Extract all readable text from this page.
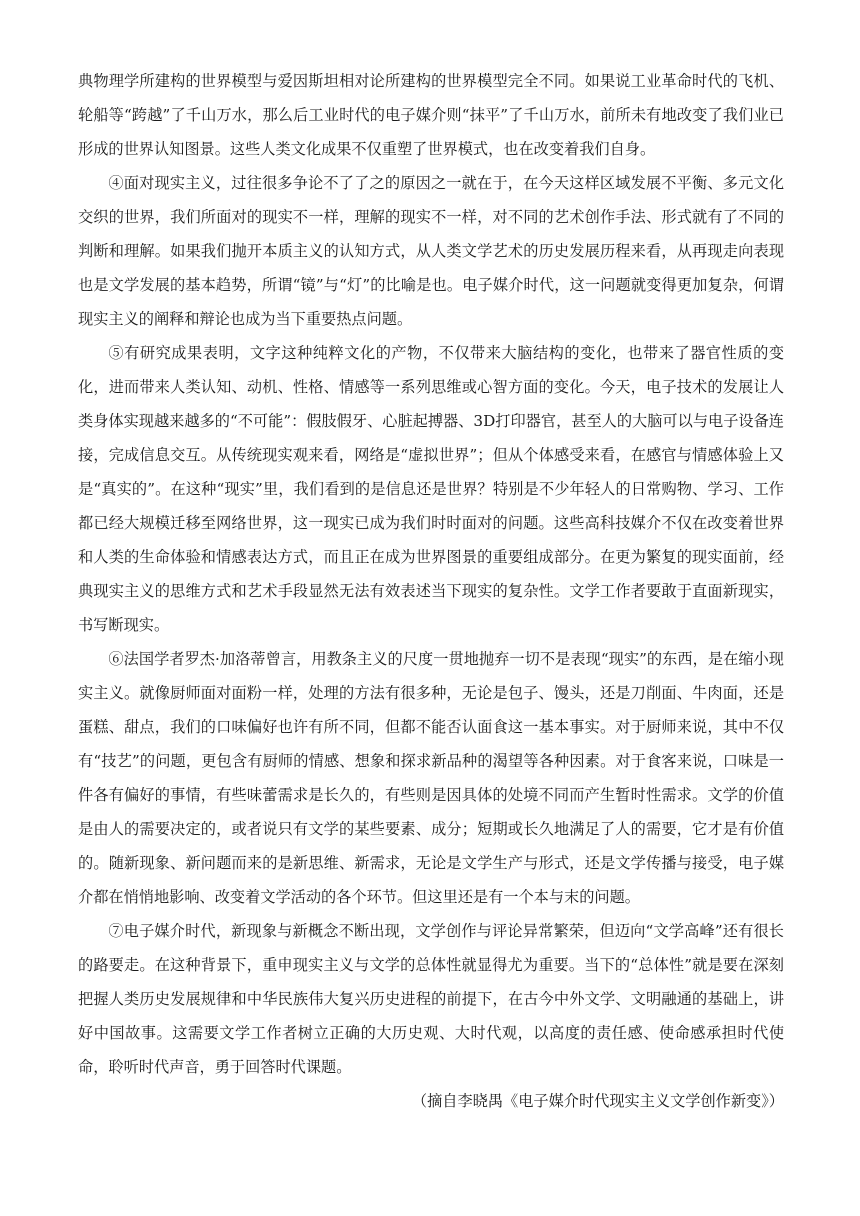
典物理学所建构的世界模型与爱因斯坦相对论所建构的世界模型完全不同。如果说工业革命时代的飞机、轮船等“跨越”了千山万水，那么后工业时代的电子媒介则“抹平”了千山万水，前所未有地改变了我们业已形成的世界认知图景。这些人类文化成果不仅重塑了世界模式，也在改变着我们自身。

④面对现实主义，过往很多争论不了了之的原因之一就在于，在今天这样区域发展不平衡、多元文化交织的世界，我们所面对的现实不一样，理解的现实不一样，对不同的艺术创作手法、形式就有了不同的判断和理解。如果我们抛开本质主义的认知方式，从人类文学艺术的历史发展历程来看，从再现走向表现也是文学发展的基本趋势，所谓“镜”与“灯”的比喻是也。电子媒介时代，这一问题就变得更加复杂，何谓现实主义的阐释和辩论也成为当下重要热点问题。

⑤有研究成果表明，文字这种纯粹文化的产物，不仅带来大脑结构的变化，也带来了器官性质的变化，进而带来人类认知、动机、性格、情感等一系列思维或心智方面的变化。今天，电子技术的发展让人类身体实现越来越多的“不可能”：假肢假牙、心脏起搏器、3D打印器官，甚至人的大脑可以与电子设备连接，完成信息交互。从传统现实观来看，网络是“虚拟世界”；但从个体感受来看，在感官与情感体验上又是“真实的”。在这种“现实”里，我们看到的是信息还是世界？特别是不少年轻人的日常购物、学习、工作都已经大规模迁移至网络世界，这一现实已成为我们时时面对的问题。这些高科技媒介不仅在改变着世界和人类的生命体验和情感表达方式，而且正在成为世界图景的重要组成部分。在更为繁复的现实面前，经典现实主义的思维方式和艺术手段显然无法有效表述当下现实的复杂性。文学工作者要敢于直面新现实，书写断现实。

⑥法国学者罗杰·加洛蒂曾言，用教条主义的尺度一贯地抛弃一切不是表现“现实”的东西，是在缩小现实主义。就像厨师面对面粉一样，处理的方法有很多种，无论是包子、馒头，还是刀削面、牛肉面，还是蛋糕、甜点，我们的口味偏好也许有所不同，但都不能否认面食这一基本事实。对于厨师来说，其中不仅有“技艺”的问题，更包含有厨师的情感、想象和探求新品种的渴望等各种因素。对于食客来说，口味是一件各有偏好的事情，有些味蕾需求是长久的，有些则是因具体的处境不同而产生暂时性需求。文学的价值是由人的需要决定的，或者说只有文学的某些要素、成分；短期或长久地满足了人的需要，它才是有价值的。随新现象、新问题而来的是新思维、新需求，无论是文学生产与形式，还是文学传播与接受，电子媒介都在悄悄地影响、改变着文学活动的各个环节。但这里还是有一个本与末的问题。

⑦电子媒介时代，新现象与新概念不断出现，文学创作与评论异常繁荣，但迈向“文学高峰”还有很长的路要走。在这种背景下，重申现实主义与文学的总体性就显得尤为重要。当下的“总体性”就是要在深刻把握人类历史发展规律和中华民族伟大复兴历史进程的前提下，在古今中外文学、文明融通的基础上，讲好中国故事。这需要文学工作者树立正确的大历史观、大时代观，以高度的责任感、使命感承担时代使命，聆听时代声音，勇于回答时代课题。

（摘自李晓禺《电子媒介时代现实主义文学创作新变》）
